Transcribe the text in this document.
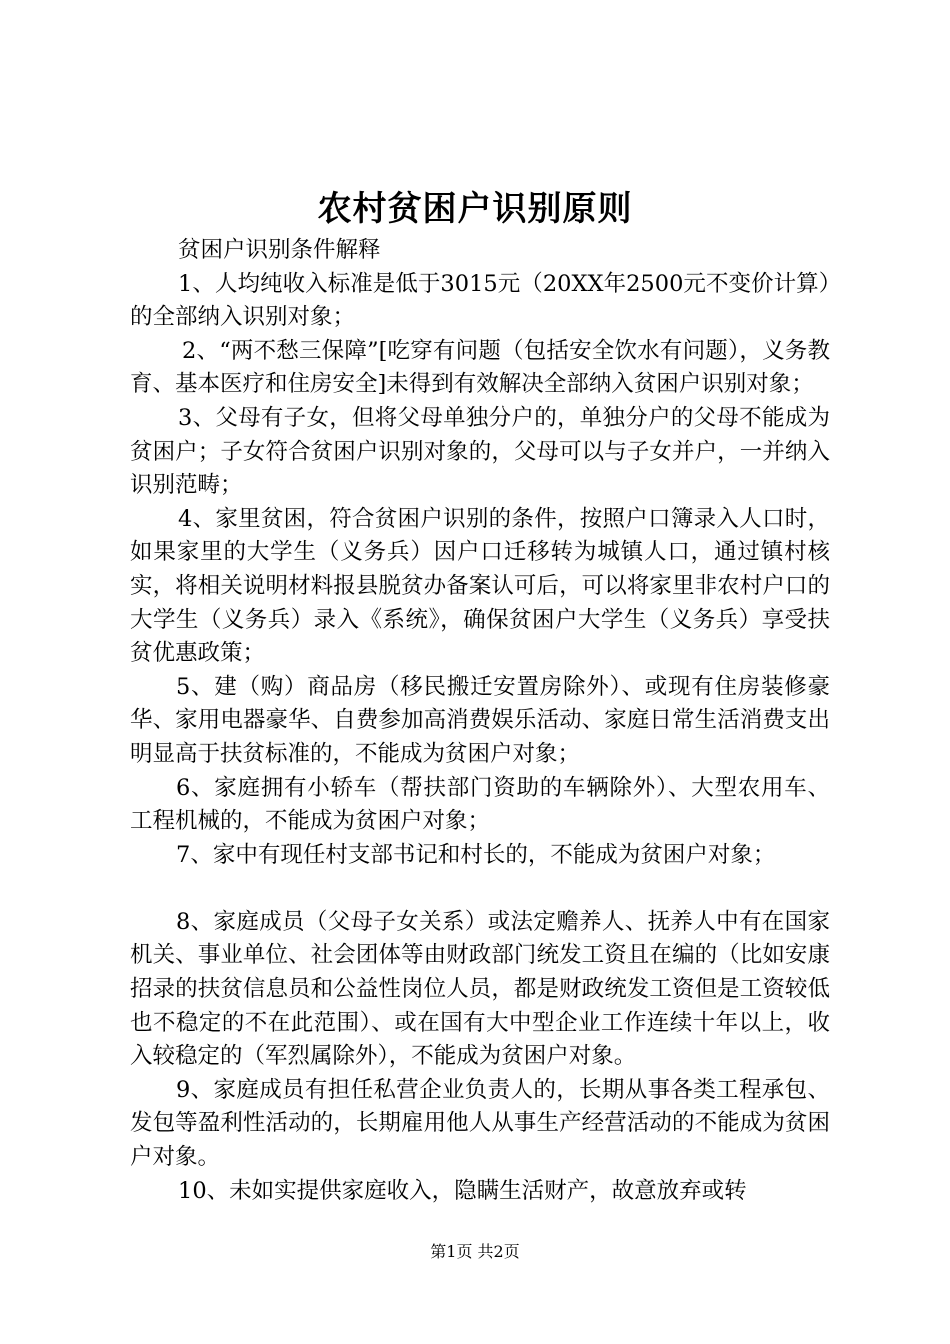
农村贫困户识别原则

贫困户识别条件解释

1、人均纯收入标准是低于3015元（20XX年2500元不变价计算）的全部纳入识别对象；

2、“两不愁三保障”[吃穿有问题（包括安全饮水有问题），义务教育、基本医疗和住房安全]未得到有效解决全部纳入贫困户识别对象；

3、父母有子女，但将父母单独分户的，单独分户的父母不能成为贫困户；子女符合贫困户识别对象的，父母可以与子女并户，一并纳入识别范畴；

4、家里贫困，符合贫困户识别的条件，按照户口簿录入人口时，如果家里的大学生（义务兵）因户口迁移转为城镇人口，通过镇村核实，将相关说明材料报县脱贫办备案认可后，可以将家里非农村户口的大学生（义务兵）录入《系统》，确保贫困户大学生（义务兵）享受扶贫优惠政策；

5、建（购）商品房（移民搬迁安置房除外）、或现有住房装修豪华、家用电器豪华、自费参加高消费娱乐活动、家庭日常生活消费支出明显高于扶贫标准的，不能成为贫困户对象；

6、家庭拥有小轿车（帮扶部门资助的车辆除外）、大型农用车、工程机械的，不能成为贫困户对象；

7、家中有现任村支部书记和村长的，不能成为贫困户对象；

8、家庭成员（父母子女关系）或法定赡养人、抚养人中有在国家机关、事业单位、社会团体等由财政部门统发工资且在编的（比如安康招录的扶贫信息员和公益性岗位人员，都是财政统发工资但是工资较低也不稳定的不在此范围）、或在国有大中型企业工作连续十年以上，收入较稳定的（军烈属除外），不能成为贫困户对象。

9、家庭成员有担任私营企业负责人的，长期从事各类工程承包、发包等盈利性活动的，长期雇用他人从事生产经营活动的不能成为贫困户对象。

10、未如实提供家庭收入，隐瞒生活财产，故意放弃或转

第1页 共2页
